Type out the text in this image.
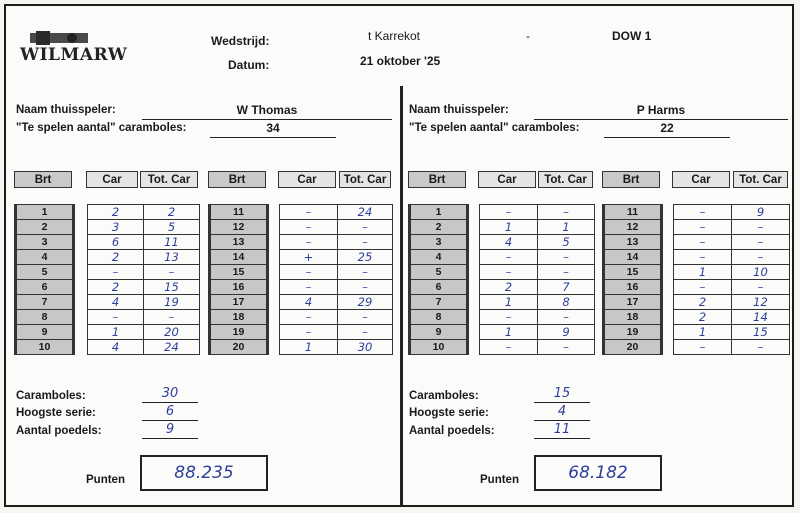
WILMARW
Wedstrijd:	t Karrekot	-	DOW 1
Datum:	21 oktober '25
Naam thuisspeler:	W Thomas
"Te spelen aantal" caramboles:	34
Brt	Car	Tot. Car	Brt	Car	Tot. Car
1		2	2
2		3	5
3		6	11
4		2	13
5		–	–
6		2	15
7		4	19
8		–	–
9		1	20
10		4	24
11		–	24
12		–	–
13		–	–
14		+	25
15		–	–
16		–	–
17		4	29
18		–	–
19		–	–
20		1	30
Caramboles:	30
Hoogste serie:	6
Aantal poedels:	9
Punten	88.235
Naam thuisspeler:	P Harms
"Te spelen aantal" caramboles:	22
Brt	Car	Tot. Car	Brt	Car	Tot. Car
1		–	–
2		1	1
3		4	5
4		–	–
5		–	–
6		2	7
7		1	8
8		–	–
9		1	9
10		–	–
11		–	9
12		–	–
13		–	–
14		–	–
15		1	10
16		–	–
17		2	12
18		2	14
19		1	15
20		–	–
Caramboles:	15
Hoogste serie:	4
Aantal poedels:	11
Punten	68.182
